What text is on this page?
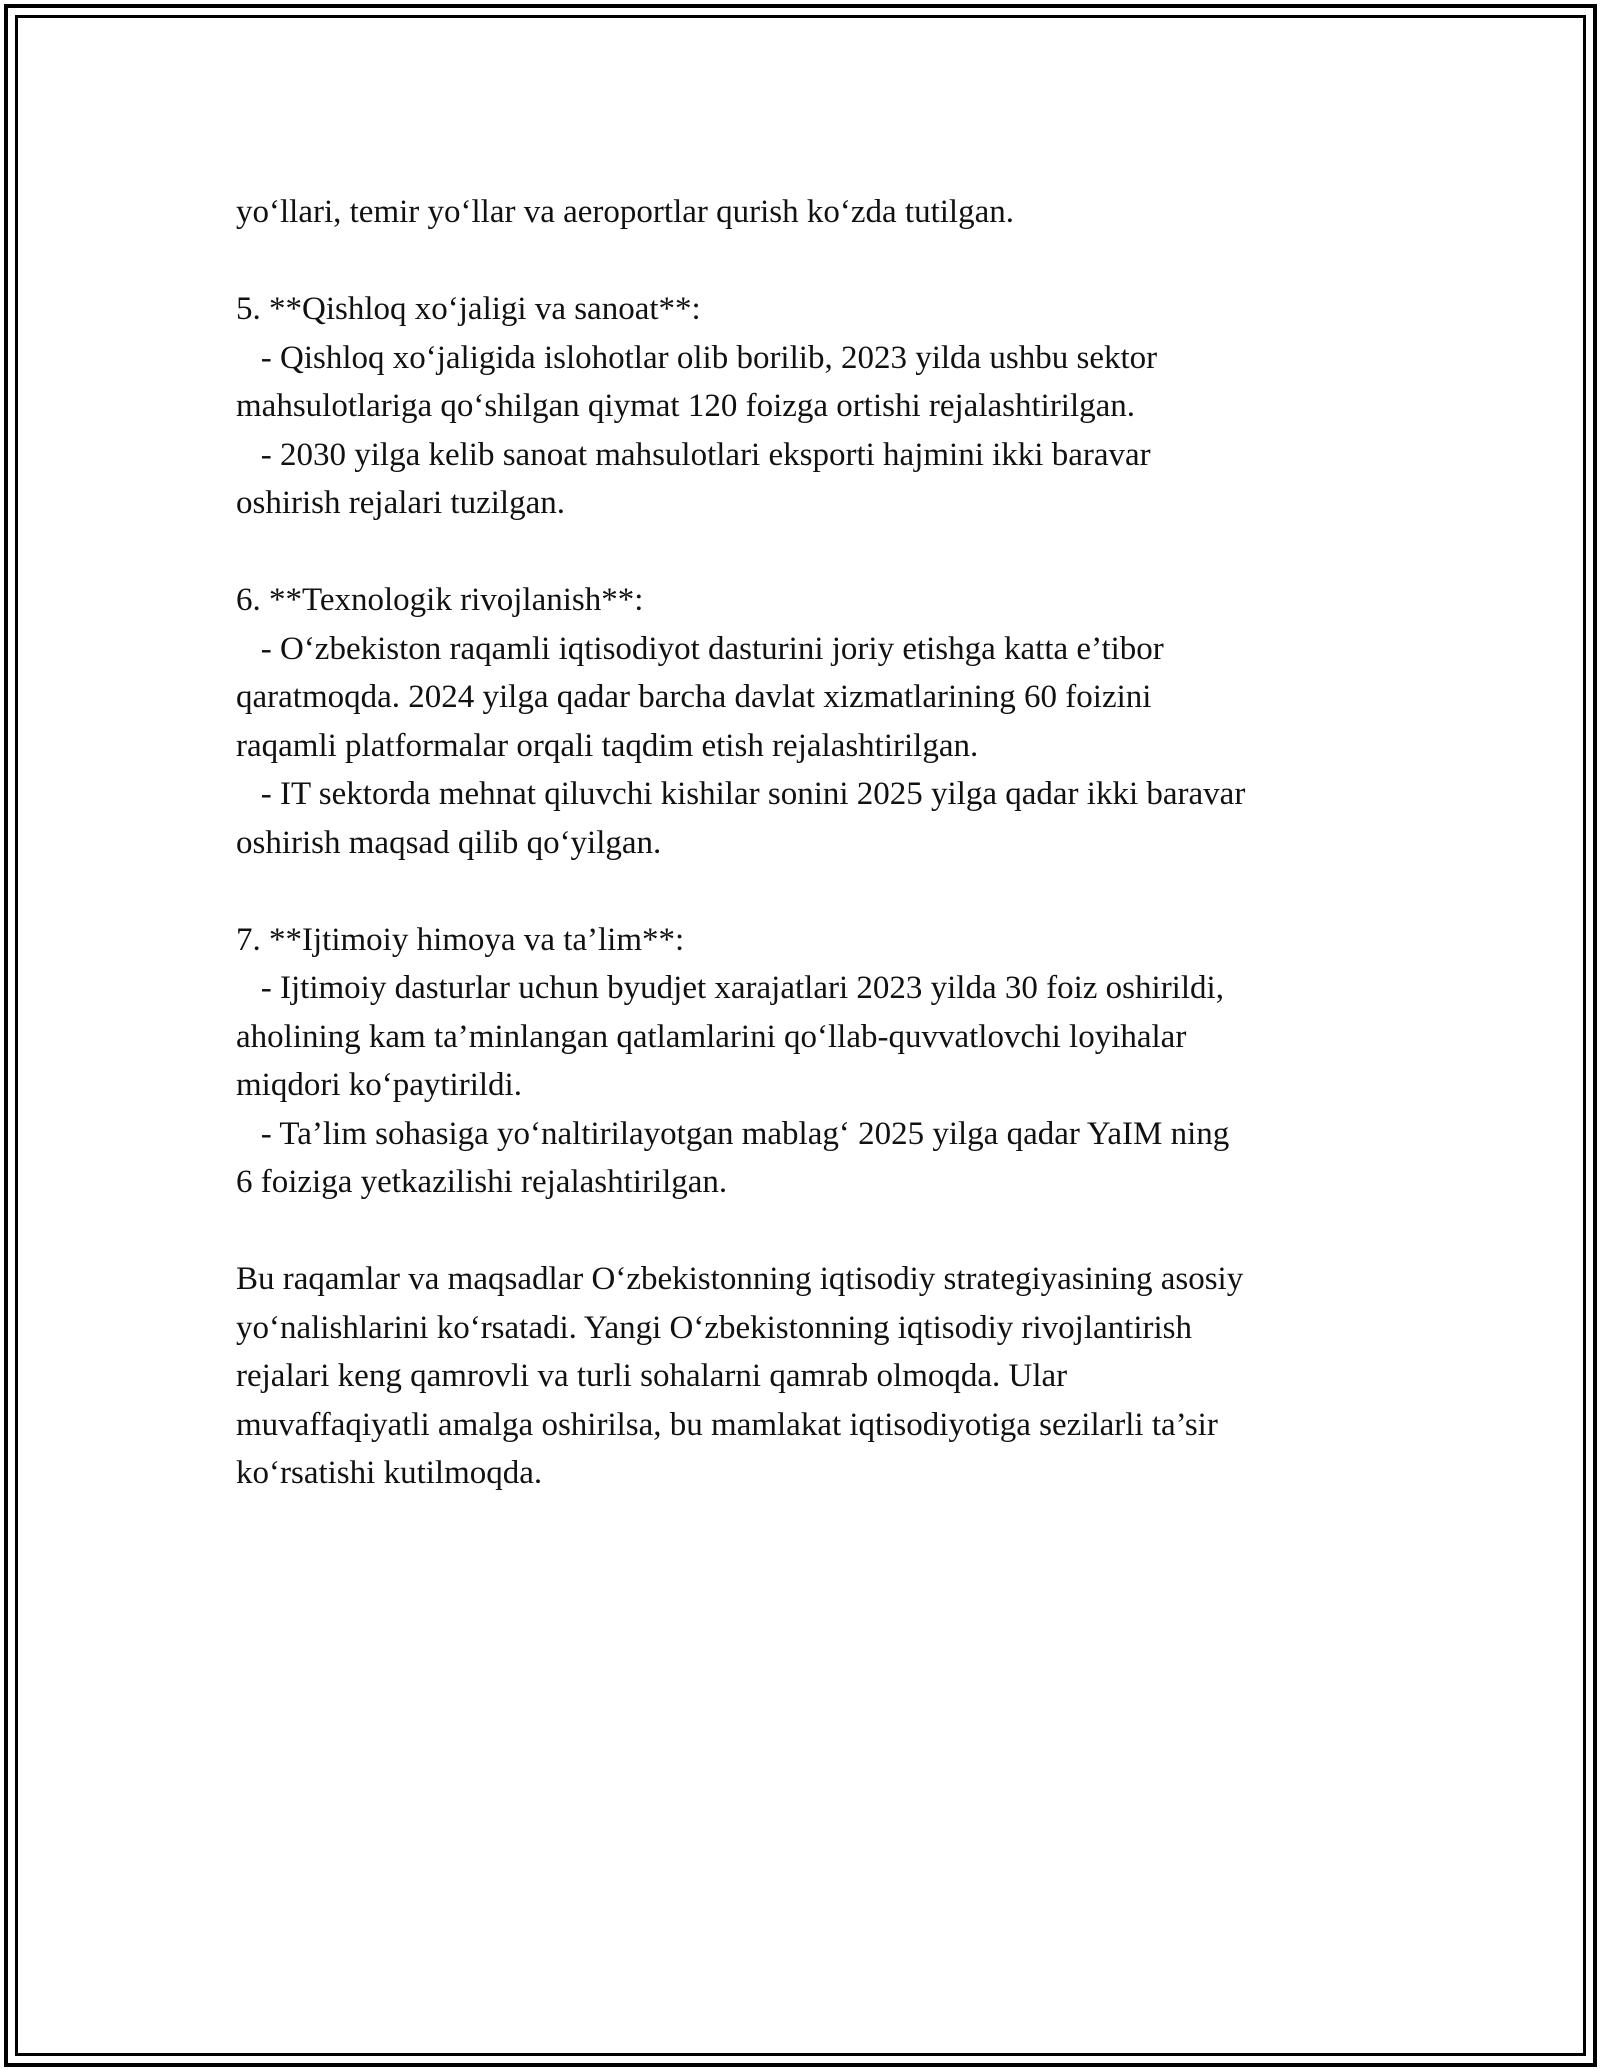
yo‘llari, temir yo‘llar va aeroportlar qurish ko‘zda tutilgan.
5. **Qishloq xo‘jaligi va sanoat**:
- Qishloq xo‘jaligida islohotlar olib borilib, 2023 yilda ushbu sektor
mahsulotlariga qo‘shilgan qiymat 120 foizga ortishi rejalashtirilgan.
- 2030 yilga kelib sanoat mahsulotlari eksporti hajmini ikki baravar
oshirish rejalari tuzilgan.
6. **Texnologik rivojlanish**:
- O‘zbekiston raqamli iqtisodiyot dasturini joriy etishga katta e’tibor
qaratmoqda. 2024 yilga qadar barcha davlat xizmatlarining 60 foizini
raqamli platformalar orqali taqdim etish rejalashtirilgan.
- IT sektorda mehnat qiluvchi kishilar sonini 2025 yilga qadar ikki baravar
oshirish maqsad qilib qo‘yilgan.
7. **Ijtimoiy himoya va ta’lim**:
- Ijtimoiy dasturlar uchun byudjet xarajatlari 2023 yilda 30 foiz oshirildi,
aholining kam ta’minlangan qatlamlarini qo‘llab-quvvatlovchi loyihalar
miqdori ko‘paytirildi.
- Ta’lim sohasiga yo‘naltirilayotgan mablag‘ 2025 yilga qadar YaIM ning
6 foiziga yetkazilishi rejalashtirilgan.
Bu raqamlar va maqsadlar O‘zbekistonning iqtisodiy strategiyasining asosiy
yo‘nalishlarini ko‘rsatadi. Yangi O‘zbekistonning iqtisodiy rivojlantirish
rejalari keng qamrovli va turli sohalarni qamrab olmoqda. Ular
muvaffaqiyatli amalga oshirilsa, bu mamlakat iqtisodiyotiga sezilarli ta’sir
ko‘rsatishi kutilmoqda.
